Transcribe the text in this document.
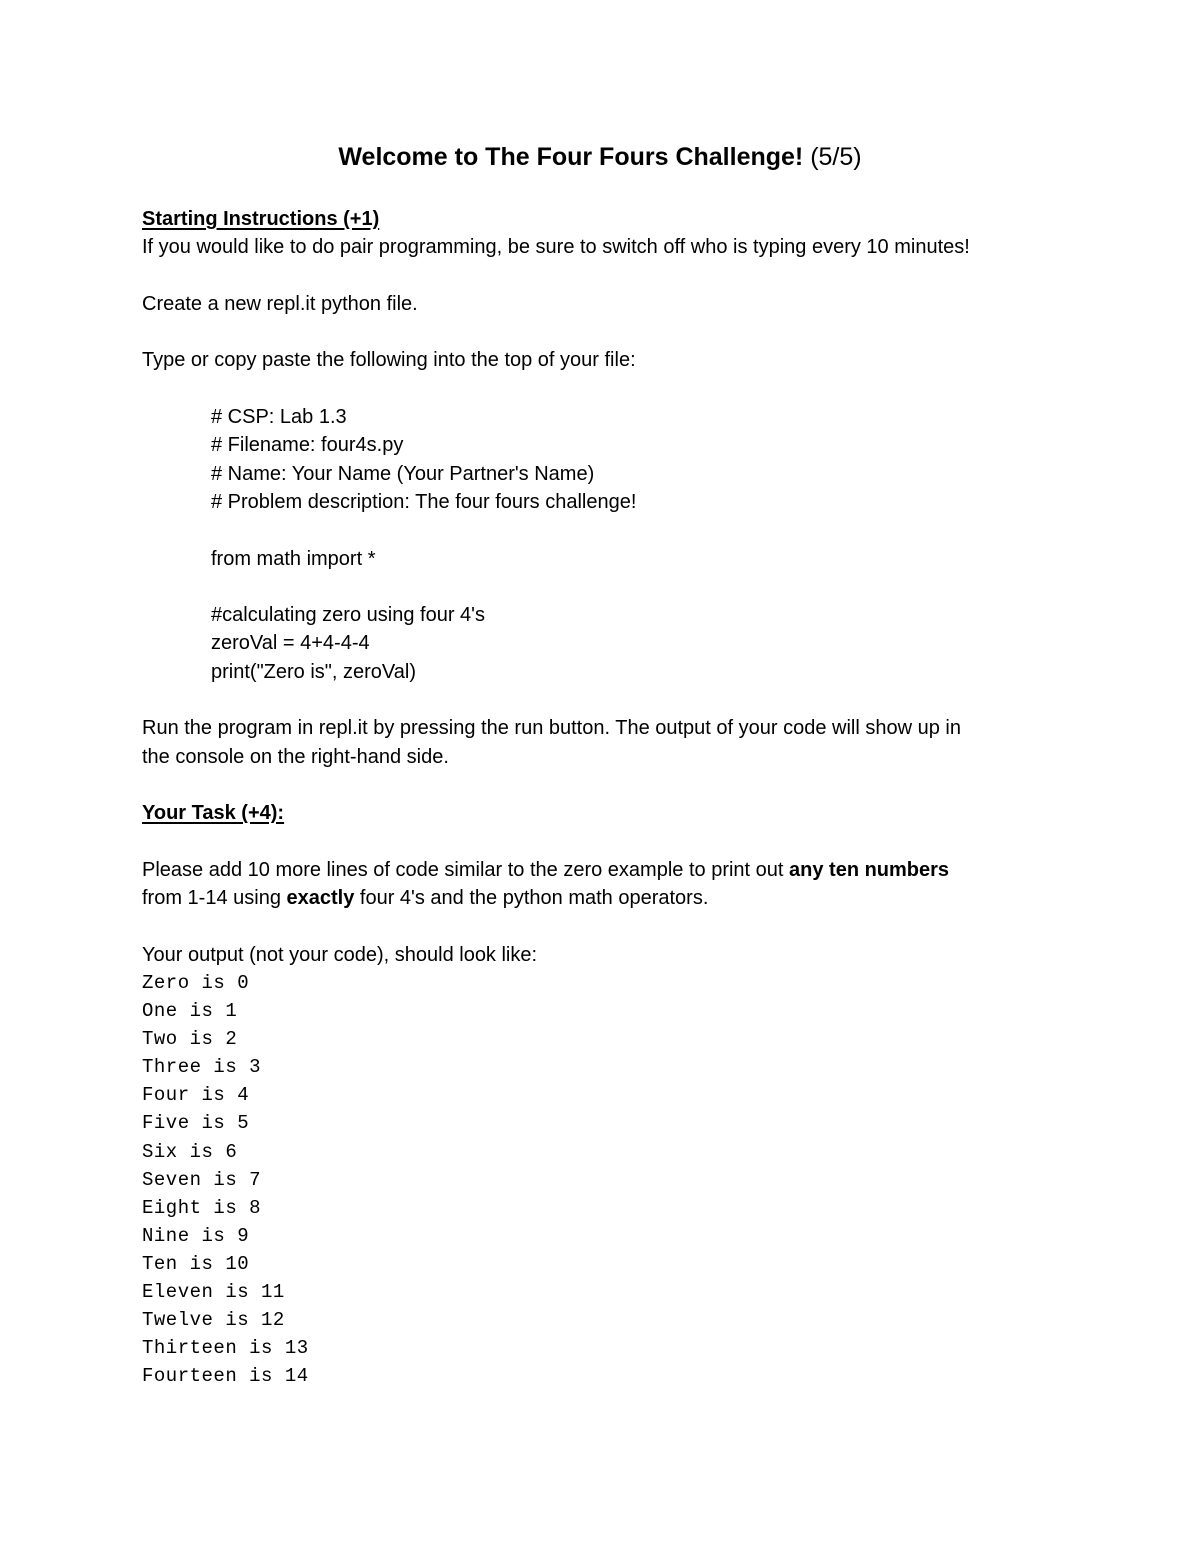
Welcome to The Four Fours Challenge! (5/5)
Starting Instructions (+1)
If you would like to do pair programming, be sure to switch off who is typing every 10 minutes!
Create a new repl.it python file.
Type or copy paste the following into the top of your file:
# CSP: Lab 1.3
# Filename: four4s.py
# Name: Your Name (Your Partner's Name)
# Problem description: The four fours challenge!
from math import *
#calculating zero using four 4's
zeroVal = 4+4-4-4
print("Zero is", zeroVal)
Run the program in repl.it by pressing the run button. The output of your code will show up in
the console on the right-hand side.
Your Task (+4):
Please add 10 more lines of code similar to the zero example to print out any ten numbers
from 1-14 using exactly four 4's and the python math operators.
Your output (not your code), should look like:
Zero is 0
One is 1
Two is 2
Three is 3
Four is 4
Five is 5
Six is 6
Seven is 7
Eight is 8
Nine is 9
Ten is 10
Eleven is 11
Twelve is 12
Thirteen is 13
Fourteen is 14
